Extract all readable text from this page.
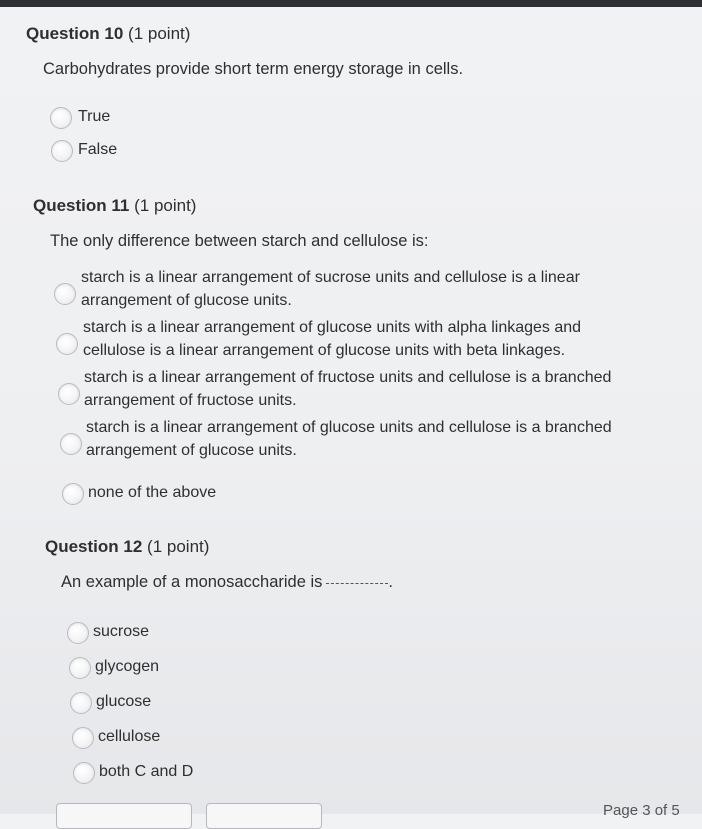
Question 10 (1 point)
Carbohydrates provide short term energy storage in cells.
True
False
Question 11 (1 point)
The only difference between starch and cellulose is:
starch is a linear arrangement of sucrose units and cellulose is a linear
arrangement of glucose units.
starch is a linear arrangement of glucose units with alpha linkages and
cellulose is a linear arrangement of glucose units with beta linkages.
starch is a linear arrangement of fructose units and cellulose is a branched
arrangement of fructose units.
starch is a linear arrangement of glucose units and cellulose is a branched
arrangement of glucose units.
none of the above
Question 12 (1 point)
An example of a monosaccharide is	.
sucrose
glycogen
glucose
cellulose
both C and D
Page 3 of 5
